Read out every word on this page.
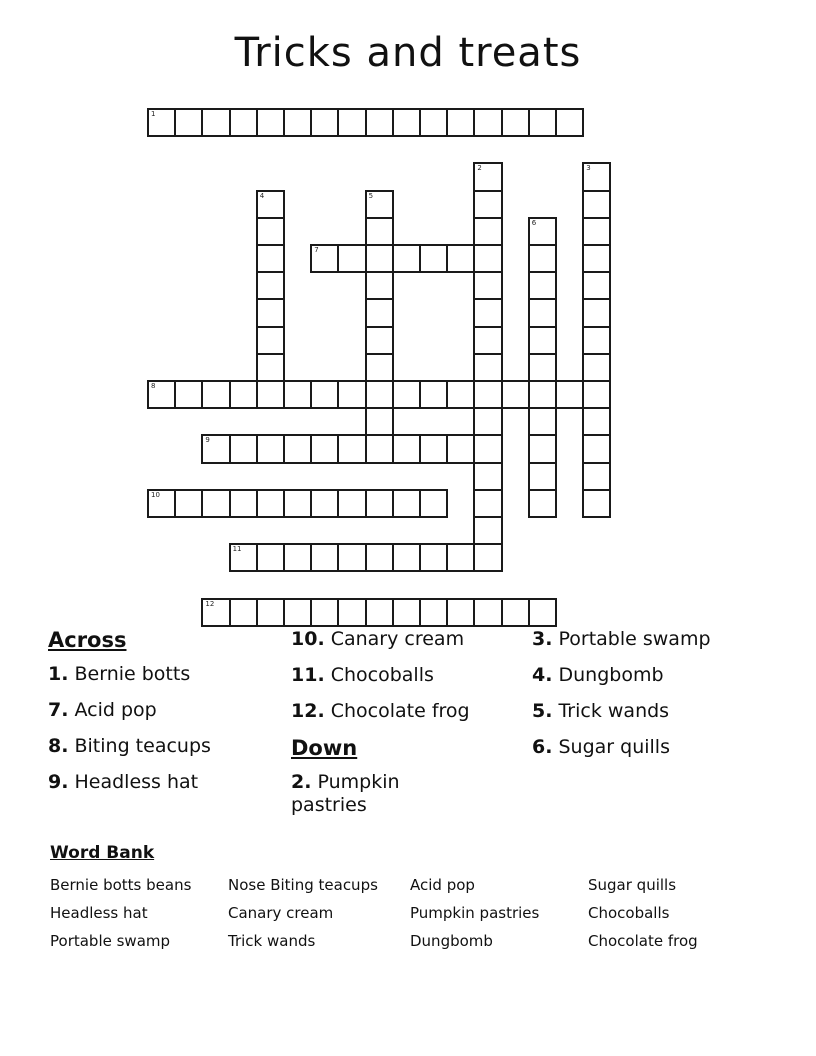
Tricks and treats
1
2	3
4	5
6
7
8
9
10
11
12

Across

1. Bernie botts

7. Acid pop

8. Biting teacups

9. Headless hat

10. Canary cream

11. Chocoballs

12. Chocolate frog

Down

2. Pumpkin pastries

3. Portable swamp

4. Dungbomb

5. Trick wands

6. Sugar quills

Word Bank

Bernie botts beans	Nose Biting teacups	Acid pop	Sugar quills

Headless hat	Canary cream	Pumpkin pastries	Chocoballs

Portable swamp	Trick wands	Dungbomb	Chocolate frog
